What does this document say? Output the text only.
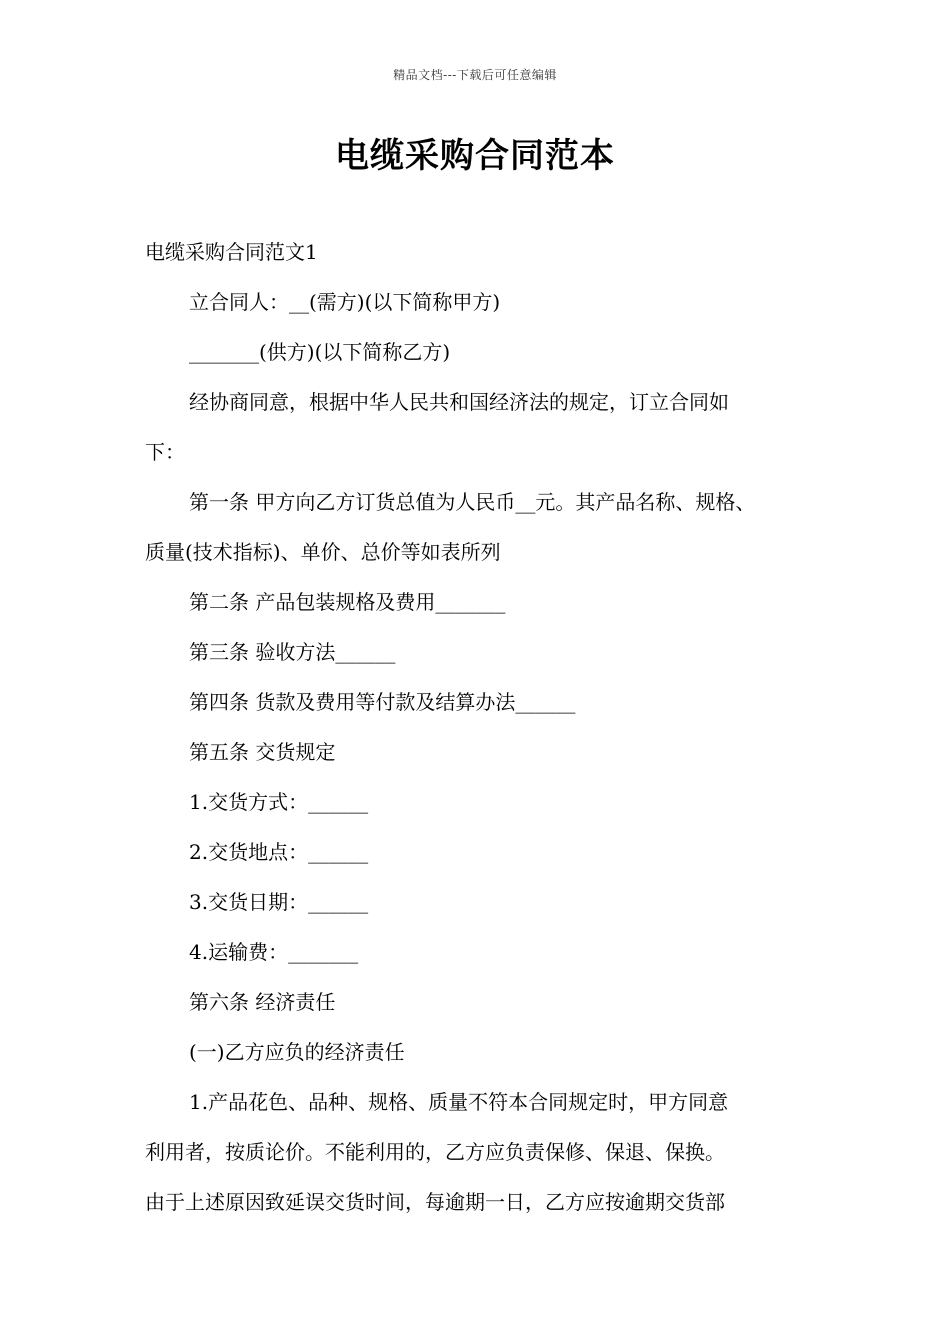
精品文档---下载后可任意编辑
电缆采购合同范本
电缆采购合同范文1
立合同人：__(需方)(以下简称甲方)
_______(供方)(以下简称乙方)
经协商同意，根据中华人民共和国经济法的规定，订立合同如
下：
第一条 甲方向乙方订货总值为人民币__元。其产品名称、规格、
质量(技术指标)、单价、总价等如表所列
第二条 产品包装规格及费用_______
第三条 验收方法______
第四条 货款及费用等付款及结算办法______
第五条 交货规定
1.交货方式：______
2.交货地点：______
3.交货日期：______
4.运输费：_______
第六条 经济责任
(一)乙方应负的经济责任
1.产品花色、品种、规格、质量不符本合同规定时，甲方同意
利用者，按质论价。不能利用的，乙方应负责保修、保退、保换。
由于上述原因致延误交货时间，每逾期一日，乙方应按逾期交货部
